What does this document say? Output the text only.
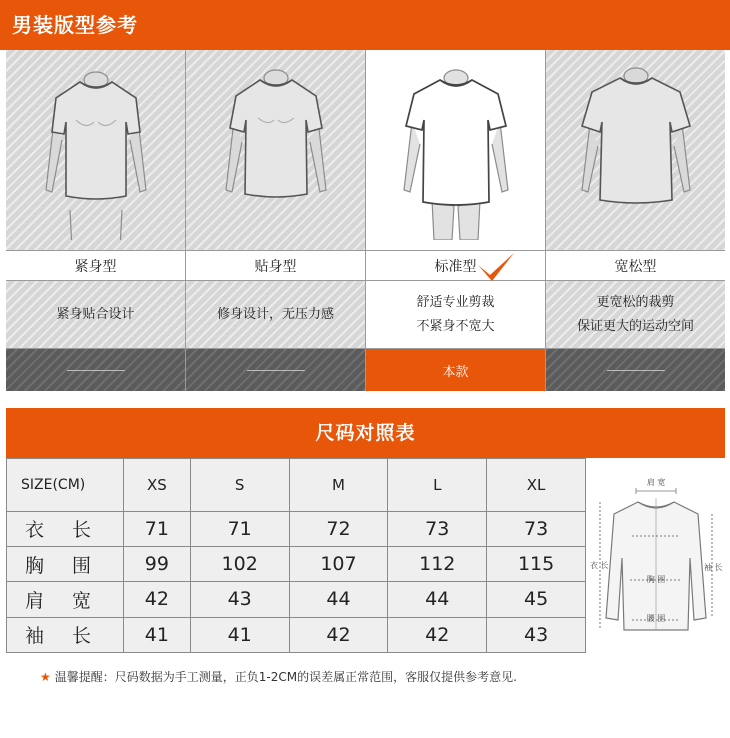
男装版型参考
紧身型
紧身贴合设计
贴身型
修身设计，无压力感
标准型
舒适专业剪裁
不紧身不宽大
本款
宽松型
更宽松的裁剪
保证更大的运动空间
尺码对照表
SIZE(CM)	XS	S	M	L	XL
衣 长	71	71	72	73	73
胸 围	99	102	107	112	115
肩 宽	42	43	44	44	45
袖 长	41	41	42	42	43
肩 宽
衣 长	袖 长
胸 围
腰 围
★ 温馨提醒：尺码数据为手工测量，正负1-2CM的误差属正常范围，客服仅提供参考意见.
